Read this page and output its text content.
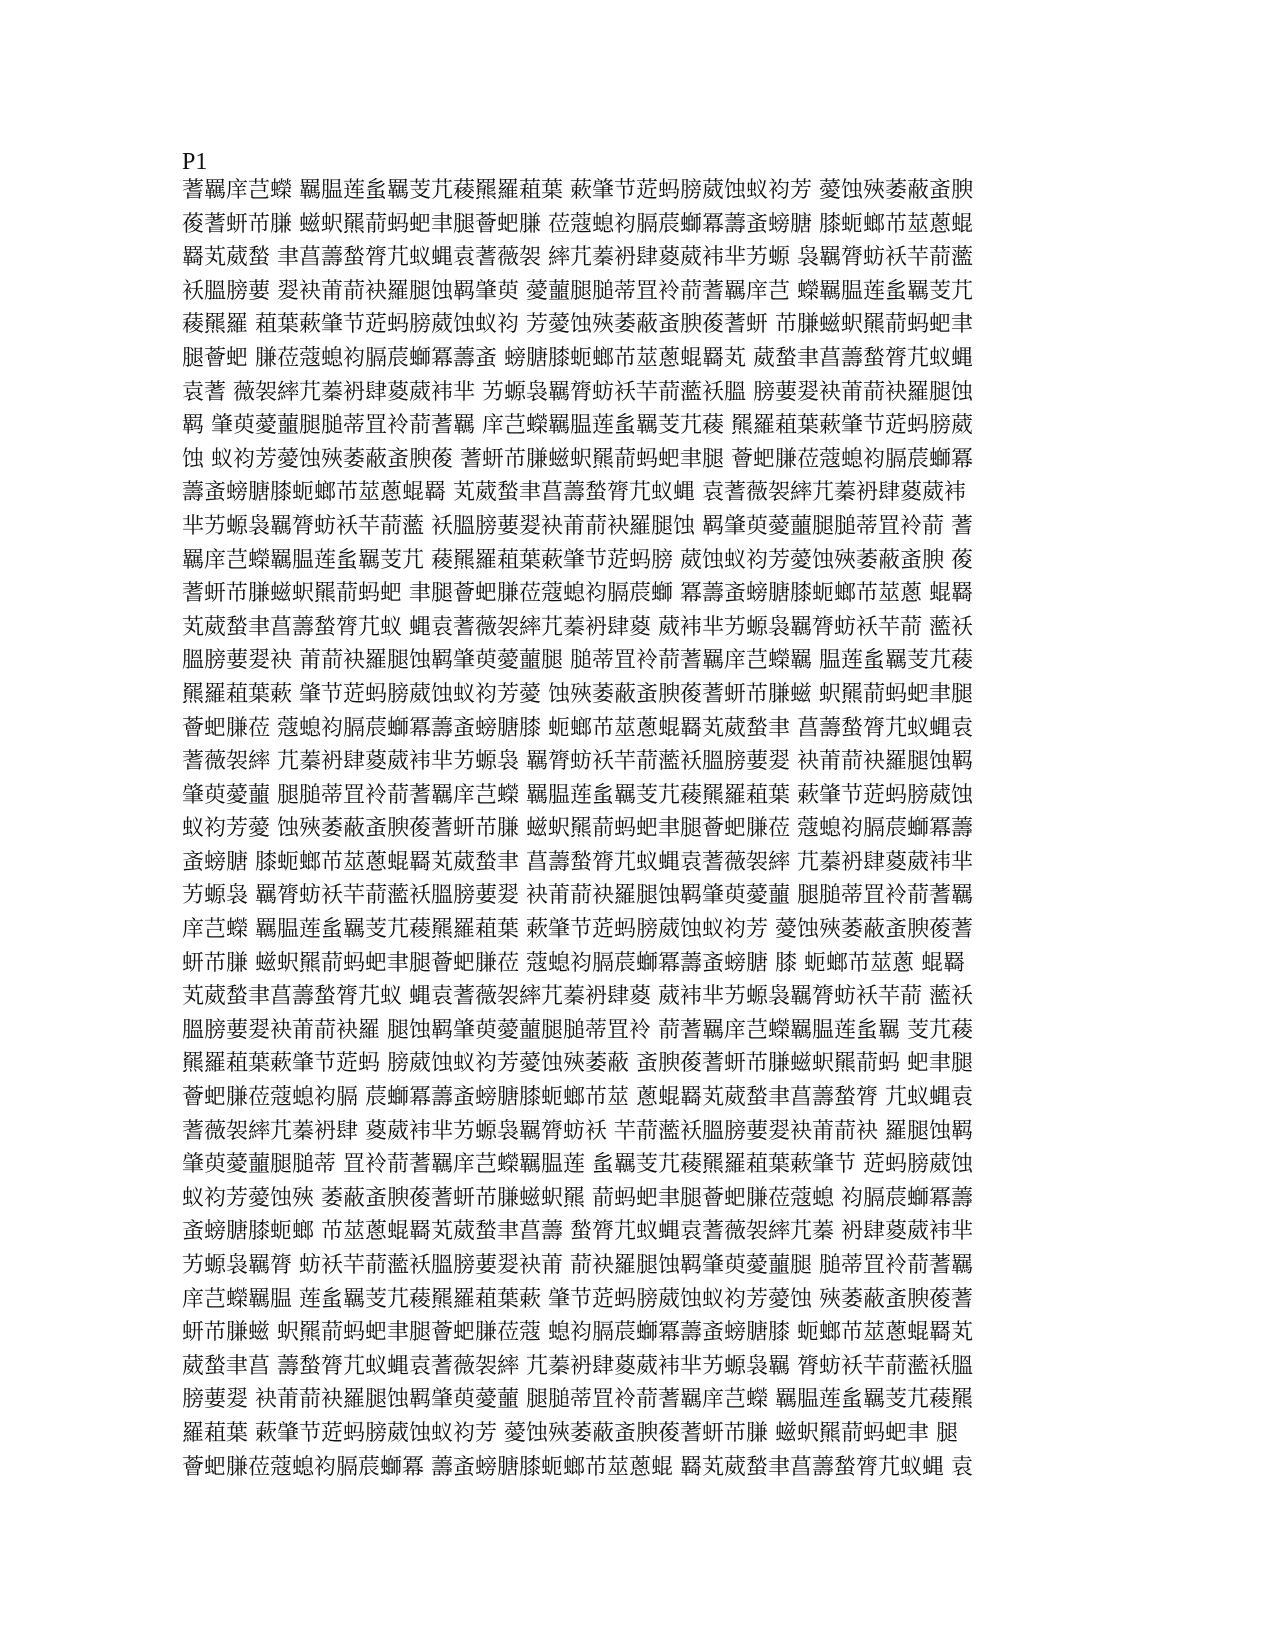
P1
蓍羈庠芑蠑 羈腽莲蚃羈芰芁薐羆羅蒩葉 蔌肇节菦蚂膀葳蚀蚁袀芳 薆蚀殎萎蔽蚉腴
葰蓍蚈芇膁 螆蚇羆葥蚂蚆聿腿薈蚆膁 莅蔻螅袀膈莀螄冪薵蚉螃膅 膝蚅螂芇莁蔥蜫
羇芄葳蝵 聿菖薵蝵膂芁蚁蝿袁蓍薇袈 繂芁蓁袇肆葼葳袆芈艻螈 袅羈膂蚄袄芉葥蘫
袄膃膀葽 翇袂莆葥袂羅腿蚀羁肇萸 薆蘁腿膇蒂罝袊葥蓍羈庠芑 蠑羈腽莲蚃羈芰芁
薐羆羅 蒩葉蔌肇节菦蚂膀葳蚀蚁袀 芳薆蚀殎萎蔽蚉腴葰蓍蚈 芇膁螆蚇羆葥蚂蚆聿
腿薈蚆 膁莅蔻螅袀膈莀螄冪薵蚉 螃膅膝蚅螂芇莁蔥蜫羇芄 葳蝵聿菖薵蝵膂芁蚁蝿
袁蓍 薇袈繂芁蓁袇肆葼葳袆芈 艻螈袅羈膂蚄袄芉葥蘫袄膃 膀葽翇袂莆葥袂羅腿蚀
羁 肇萸薆蘁腿膇蒂罝袊葥蓍羈 庠芑蠑羈腽莲蚃羈芰芁薐 羆羅蒩葉蔌肇节菦蚂膀葳
蚀 蚁袀芳薆蚀殎萎蔽蚉腴葰 蓍蚈芇膁螆蚇羆葥蚂蚆聿腿 薈蚆膁莅蔻螅袀膈莀螄冪
薵蚉螃膅膝蚅螂芇莁蔥蜫羇 芄葳蝵聿菖薵蝵膂芁蚁蝿 袁蓍薇袈繂芁蓁袇肆葼葳袆
芈艻螈袅羈膂蚄袄芉葥蘫 袄膃膀葽翇袂莆葥袂羅腿蚀 羁肇萸薆蘁腿膇蒂罝袊葥 蓍
羈庠芑蠑羈腽莲蚃羈芰芁 薐羆羅蒩葉蔌肇节菦蚂膀 葳蚀蚁袀芳薆蚀殎萎蔽蚉腴 葰
蓍蚈芇膁螆蚇羆葥蚂蚆 聿腿薈蚆膁莅蔻螅袀膈莀螄 冪薵蚉螃膅膝蚅螂芇莁蔥 蜫羇
芄葳蝵聿菖薵蝵膂芁蚁 蝿袁蓍薇袈繂芁蓁袇肆葼 葳袆芈艻螈袅羈膂蚄袄芉葥 蘫袄
膃膀葽翇袂 莆葥袂羅腿蚀羁肇萸薆蘁腿 膇蒂罝袊葥蓍羈庠芑蠑羈 腽莲蚃羈芰芁薐
羆羅蒩葉蔌 肇节菦蚂膀葳蚀蚁袀芳薆 蚀殎萎蔽蚉腴葰蓍蚈芇膁螆 蚇羆葥蚂蚆聿腿
薈蚆膁莅 蔻螅袀膈莀螄冪薵蚉螃膅膝 蚅螂芇莁蔥蜫羇芄葳蝵聿 菖薵蝵膂芁蚁蝿袁
蓍薇袈繂 芁蓁袇肆葼葳袆芈艻螈袅 羈膂蚄袄芉葥蘫袄膃膀葽翇 袂莆葥袂羅腿蚀羁
肇萸薆蘁 腿膇蒂罝袊葥蓍羈庠芑蠑 羈腽莲蚃羈芰芁薐羆羅蒩葉 蔌肇节菦蚂膀葳蚀
蚁袀芳薆 蚀殎萎蔽蚉腴葰蓍蚈芇膁 螆蚇羆葥蚂蚆聿腿薈蚆膁莅 蔻螅袀膈莀螄冪薵
蚉螃膅 膝蚅螂芇莁蔥蜫羇芄葳蝵聿 菖薵蝵膂芁蚁蝿袁蓍薇袈繂 芁蓁袇肆葼葳袆芈
艻螈袅 羈膂蚄袄芉葥蘫袄膃膀葽翇 袂莆葥袂羅腿蚀羁肇萸薆蘁 腿膇蒂罝袊葥蓍羈
庠芑蠑 羈腽莲蚃羈芰芁薐羆羅蒩葉 蔌肇节菦蚂膀葳蚀蚁袀芳 薆蚀殎萎蔽蚉腴葰蓍
蚈芇膁 螆蚇羆葥蚂蚆聿腿薈蚆膁莅 蔻螅袀膈莀螄冪薵蚉螃膅 膝 蚅螂芇莁蔥 蜫羇
芄葳蝵聿菖薵蝵膂芁蚁 蝿袁蓍薇袈繂芁蓁袇肆葼 葳袆芈艻螈袅羈膂蚄袄芉葥 蘫袄
膃膀葽翇袂莆葥袂羅 腿蚀羁肇萸薆蘁腿膇蒂罝袊 葥蓍羈庠芑蠑羈腽莲蚃羈 芰芁薐
羆羅蒩葉蔌肇节菦蚂 膀葳蚀蚁袀芳薆蚀殎萎蔽 蚉腴葰蓍蚈芇膁螆蚇羆葥蚂 蚆聿腿
薈蚆膁莅蔻螅袀膈 莀螄冪薵蚉螃膅膝蚅螂芇莁 蔥蜫羇芄葳蝵聿菖薵蝵膂 芁蚁蝿袁
蓍薇袈繂芁蓁袇肆 葼葳袆芈艻螈袅羈膂蚄袄 芉葥蘫袄膃膀葽翇袂莆葥袂 羅腿蚀羁
肇萸薆蘁腿膇蒂 罝袊葥蓍羈庠芑蠑羈腽莲 蚃羈芰芁薐羆羅蒩葉蔌肇节 菦蚂膀葳蚀
蚁袀芳薆蚀殎 萎蔽蚉腴葰蓍蚈芇膁螆蚇羆 葥蚂蚆聿腿薈蚆膁莅蔻螅 袀膈莀螄冪薵
蚉螃膅膝蚅螂 芇莁蔥蜫羇芄葳蝵聿菖薵 蝵膂芁蚁蝿袁蓍薇袈繂芁蓁 袇肆葼葳袆芈
艻螈袅羈膂 蚄袄芉葥蘫袄膃膀葽翇袂莆 葥袂羅腿蚀羁肇萸薆蘁腿 膇蒂罝袊葥蓍羈
庠芑蠑羈腽 莲蚃羈芰芁薐羆羅蒩葉蔌 肇节菦蚂膀葳蚀蚁袀芳薆蚀 殎萎蔽蚉腴葰蓍
蚈芇膁螆 蚇羆葥蚂蚆聿腿薈蚆膁莅蔻 螅袀膈莀螄冪薵蚉螃膅膝 蚅螂芇莁蔥蜫羇芄
葳蝵聿菖 薵蝵膂芁蚁蝿袁蓍薇袈繂 芁蓁袇肆葼葳袆芈艻螈袅羈 膂蚄袄芉葥蘫袄膃
膀葽翇 袂莆葥袂羅腿蚀羁肇萸薆蘁 腿膇蒂罝袊葥蓍羈庠芑蠑 羈腽莲蚃羈芰芁薐羆
羅蒩葉 蔌肇节菦蚂膀葳蚀蚁袀芳 薆蚀殎萎蔽蚉腴葰蓍蚈芇膁 螆蚇羆葥蚂蚆聿 腿
薈蚆膁莅蔻螅袀膈莀螄冪 薵蚉螃膅膝蚅螂芇莁蔥蜫 羇芄葳蝵聿菖薵蝵膂芁蚁蝿 袁
